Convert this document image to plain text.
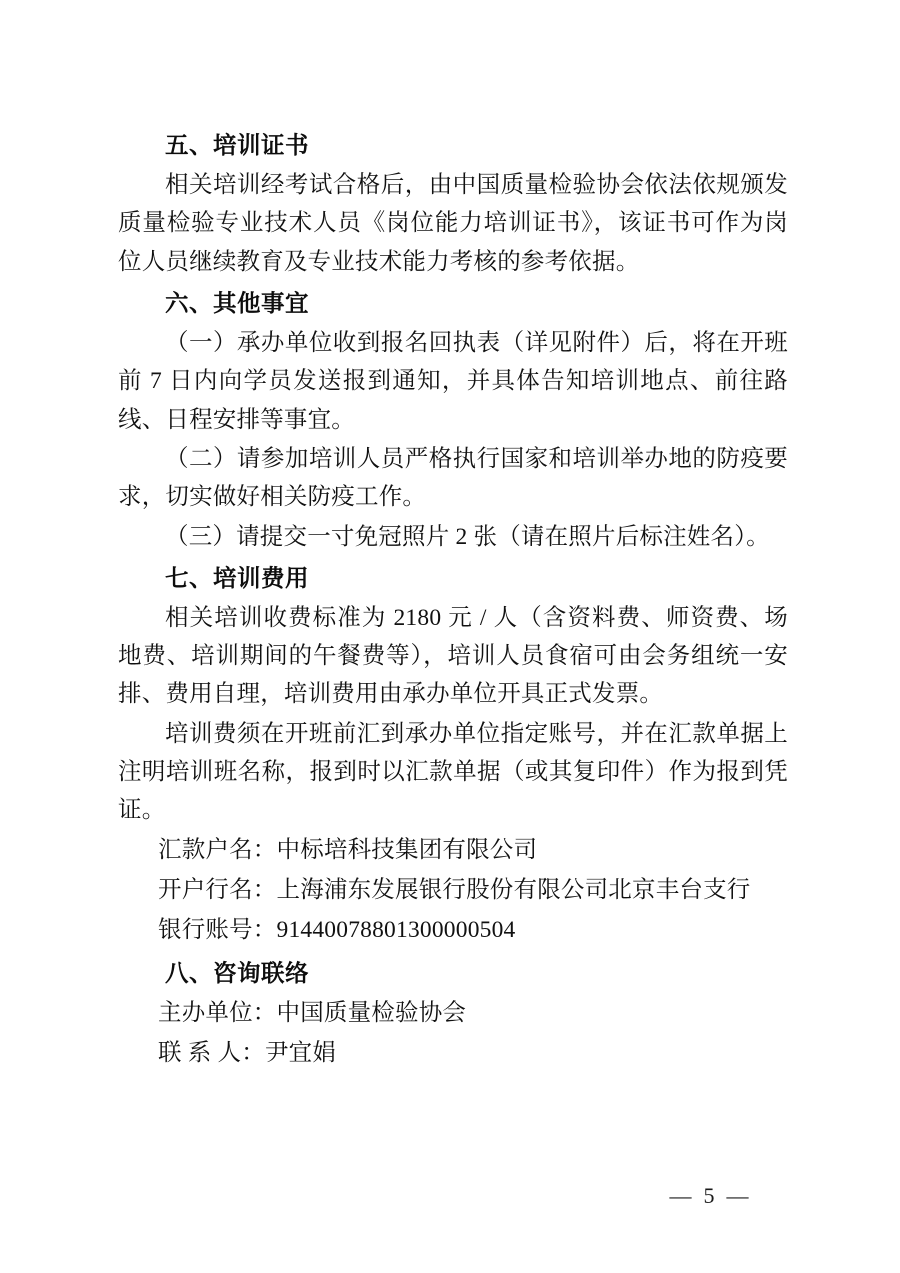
五、培训证书

相关培训经考试合格后，由中国质量检验协会依法依规颁发质量检验专业技术人员《岗位能力培训证书》，该证书可作为岗位人员继续教育及专业技术能力考核的参考依据。

六、其他事宜

（一）承办单位收到报名回执表（详见附件）后，将在开班前 7 日内向学员发送报到通知，并具体告知培训地点、前往路线、日程安排等事宜。

（二）请参加培训人员严格执行国家和培训举办地的防疫要求，切实做好相关防疫工作。

（三）请提交一寸免冠照片 2 张（请在照片后标注姓名）。

七、培训费用

相关培训收费标准为 2180 元 / 人（含资料费、师资费、场地费、培训期间的午餐费等），培训人员食宿可由会务组统一安排、费用自理，培训费用由承办单位开具正式发票。

培训费须在开班前汇到承办单位指定账号，并在汇款单据上注明培训班名称，报到时以汇款单据（或其复印件）作为报到凭证。

汇款户名：中标培科技集团有限公司

开户行名：上海浦东发展银行股份有限公司北京丰台支行

银行账号：91440078801300000504

八、咨询联络

主办单位：中国质量检验协会

联 系 人：尹宜娟

— 5 —
